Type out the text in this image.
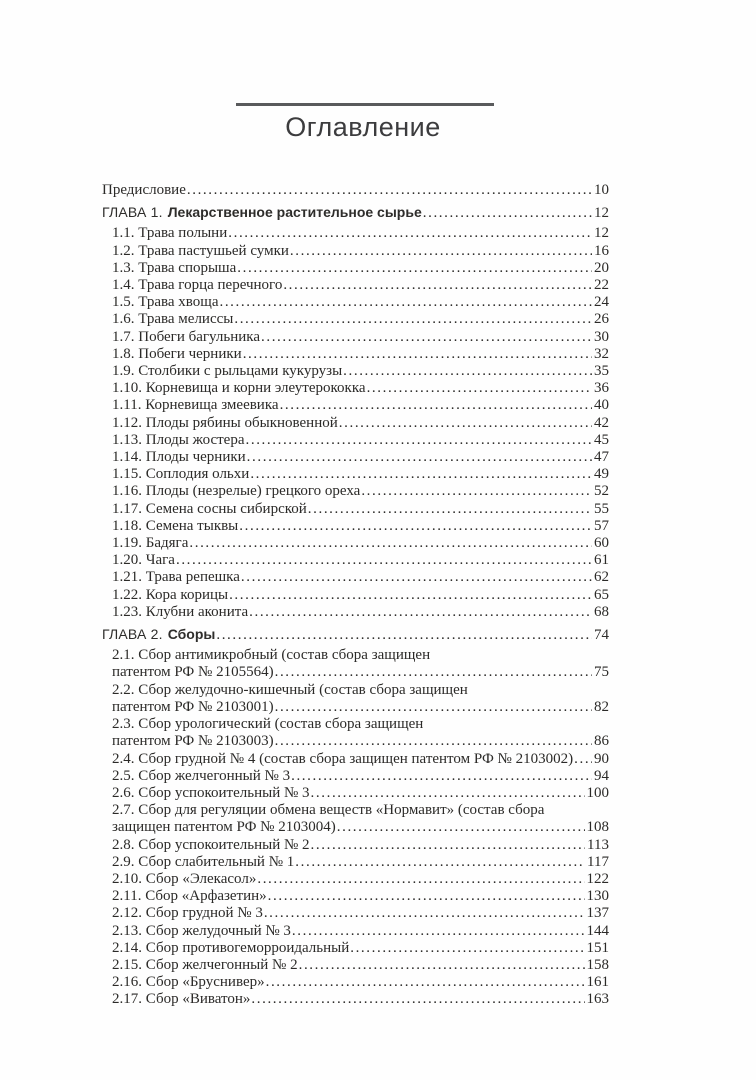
Оглавление
Предисловие .....	10
ГЛАВА 1. Лекарственное растительное сырье .....	12
1.1. Трава полыни .....	12
1.2. Трава пастушьей сумки .....	16
1.3. Трава спорыша .....	20
1.4. Трава горца перечного .....	22
1.5. Трава хвоща .....	24
1.6. Трава мелиссы .....	26
1.7. Побеги багульника .....	30
1.8. Побеги черники .....	32
1.9. Столбики с рыльцами кукурузы .....	35
1.10. Корневища и корни элеутерококка .....	36
1.11. Корневища змеевика .....	40
1.12. Плоды рябины обыкновенной .....	42
1.13. Плоды жостера .....	45
1.14. Плоды черники .....	47
1.15. Соплодия ольхи .....	49
1.16. Плоды (незрелые) грецкого ореха .....	52
1.17. Семена сосны сибирской .....	55
1.18. Семена тыквы .....	57
1.19. Бадяга .....	60
1.20. Чага .....	61
1.21. Трава репешка .....	62
1.22. Кора корицы .....	65
1.23. Клубни аконита .....	68
ГЛАВА 2. Сборы .....	74
2.1. Сбор антимикробный (состав сбора защищен
патентом РФ № 2105564) .....	75
2.2. Сбор желудочно-кишечный (состав сбора защищен
патентом РФ № 2103001) .....	82
2.3. Сбор урологический (состав сбора защищен
патентом РФ № 2103003) .....	86
2.4. Сбор грудной № 4 (состав сбора защищен патентом РФ № 2103002) ..... 90
2.5. Сбор желчегонный № 3 .....	94
2.6. Сбор успокоительный № 3 .....	100
2.7. Сбор для регуляции обмена веществ «Нормавит» (состав сбора
защищен патентом РФ № 2103004) .....	108
2.8. Сбор успокоительный № 2 .....	113
2.9. Сбор слабительный № 1 .....	117
2.10. Сбор «Элекасол» .....	122
2.11. Сбор «Арфазетин» .....	130
2.12. Сбор грудной № 3 .....	137
2.13. Сбор желудочный № 3 .....	144
2.14. Сбор противогеморроидальный .....	151
2.15. Сбор желчегонный № 2 .....	158
2.16. Сбор «Бруснивер» .....	161
2.17. Сбор «Виватон» .....	163
